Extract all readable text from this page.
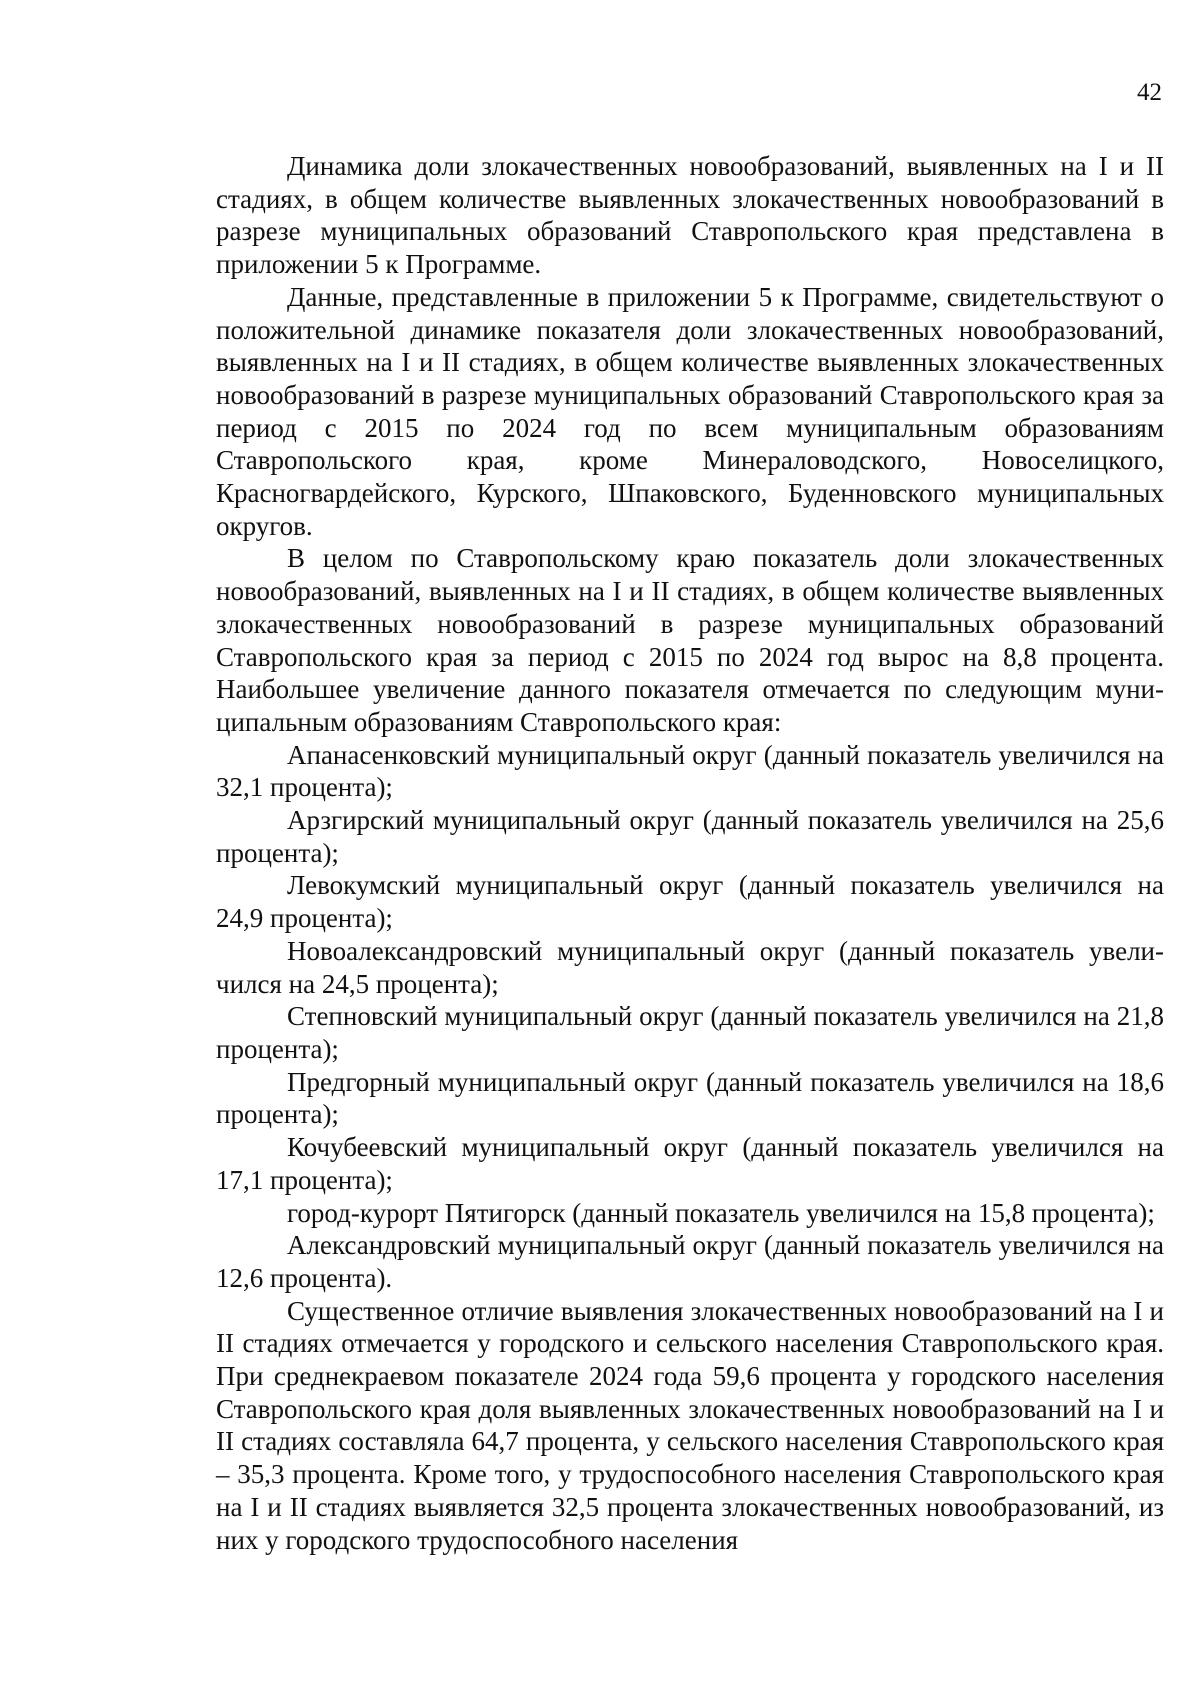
42

Динамика доли злокачественных новообразований, выявленных на I и II стадиях, в общем количестве выявленных злокачественных новообразований в разрезе муниципальных образований Ставропольского края представлена в приложении 5 к Программе.

Данные, представленные в приложении 5 к Программе, свидетельствуют о положительной динамике показателя доли злокачественных новообразований, выявленных на I и II стадиях, в общем количестве выявленных злокачественных новообразований в разрезе муниципальных образований Ставропольского края за период с 2015 по 2024 год по всем муниципальным образованиям Ставропольского края, кроме Минераловодского, Новоселицкого, Красногвардейского, Курского, Шпаковского, Буденновского муниципальных округов.

В целом по Ставропольскому краю показатель доли злокачественных новообразований, выявленных на I и II стадиях, в общем количестве выявленных злокачественных новообразований в разрезе муниципальных образований Ставропольского края за период с 2015 по 2024 год вырос на 8,8 процента. Наибольшее увеличение данного показателя отмечается по следующим муниципальным образованиям Ставропольского края:

Апанасенковский муниципальный округ (данный показатель увеличился на 32,1 процента);

Арзгирский муниципальный округ (данный показатель увеличился на 25,6 процента);

Левокумский муниципальный округ (данный показатель увеличился на 24,9 процента);

Новоалександровский муниципальный округ (данный показатель увеличился на 24,5 процента);

Степновский муниципальный округ (данный показатель увеличился на 21,8 процента);

Предгорный муниципальный округ (данный показатель увеличился на 18,6 процента);

Кочубеевский муниципальный округ (данный показатель увеличился на 17,1 процента);

город-курорт Пятигорск (данный показатель увеличился на 15,8 процента);

Александровский муниципальный округ (данный показатель увеличился на 12,6 процента).

Существенное отличие выявления злокачественных новообразований на I и II стадиях отмечается у городского и сельского населения Ставропольского края. При среднекраевом показателе 2024 года 59,6 процента у городского населения Ставропольского края доля выявленных злокачественных новообразований на I и II стадиях составляла 64,7 процента, у сельского населения Ставропольского края – 35,3 процента. Кроме того, у трудоспособного населения Ставропольского края на I и II стадиях выявляется 32,5 процента злокачественных новообразований, из них у городского трудоспособного населения
